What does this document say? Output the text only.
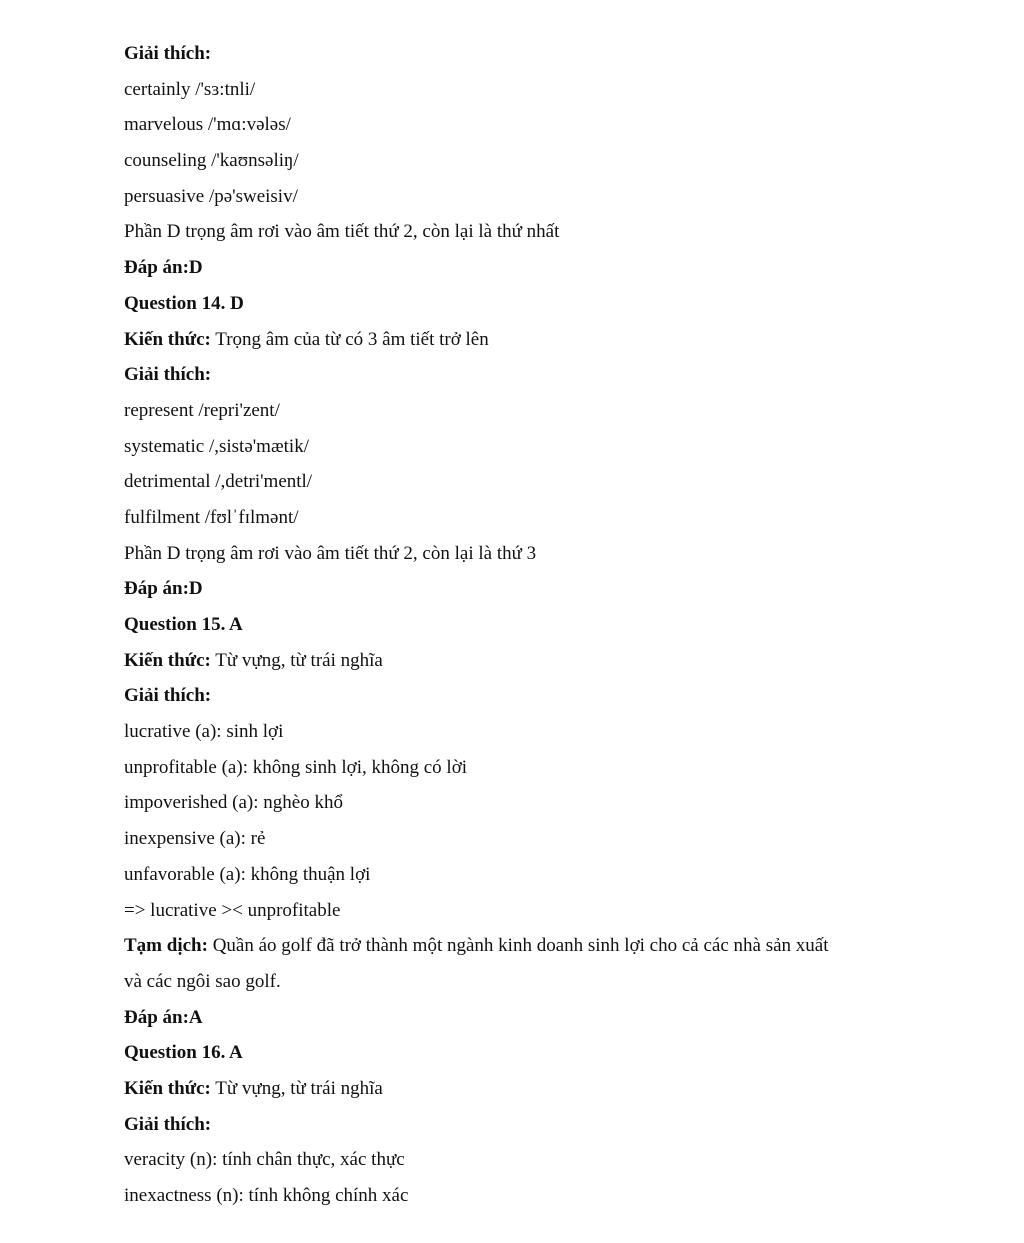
Giải thích:
certainly /'sɜ:tnli/
marvelous /'mɑ:vələs/
counseling /'kaʊnsəliŋ/
persuasive /pə'sweisiv/
Phần D trọng âm rơi vào âm tiết thứ 2, còn lại là thứ nhất
Đáp án:D
Question 14. D
Kiến thức: Trọng âm của từ có 3 âm tiết trở lên
Giải thích:
represent /repri'zent/
systematic /,sistə'mætik/
detrimental /,detri'mentl/
fulfilment /fʊlˈfɪlmənt/
Phần D trọng âm rơi vào âm tiết thứ 2, còn lại là thứ 3
Đáp án:D
Question 15. A
Kiến thức: Từ vựng, từ trái nghĩa
Giải thích:
lucrative (a): sinh lợi
unprofitable (a): không sinh lợi, không có lời
impoverished (a): nghèo khổ
inexpensive (a): rẻ
unfavorable (a): không thuận lợi
=> lucrative >< unprofitable
Tạm dịch: Quần áo golf đã trở thành một ngành kinh doanh sinh lợi cho cả các nhà sản xuất
và các ngôi sao golf.
Đáp án:A
Question 16. A
Kiến thức: Từ vựng, từ trái nghĩa
Giải thích:
veracity (n): tính chân thực, xác thực
inexactness (n): tính không chính xác
